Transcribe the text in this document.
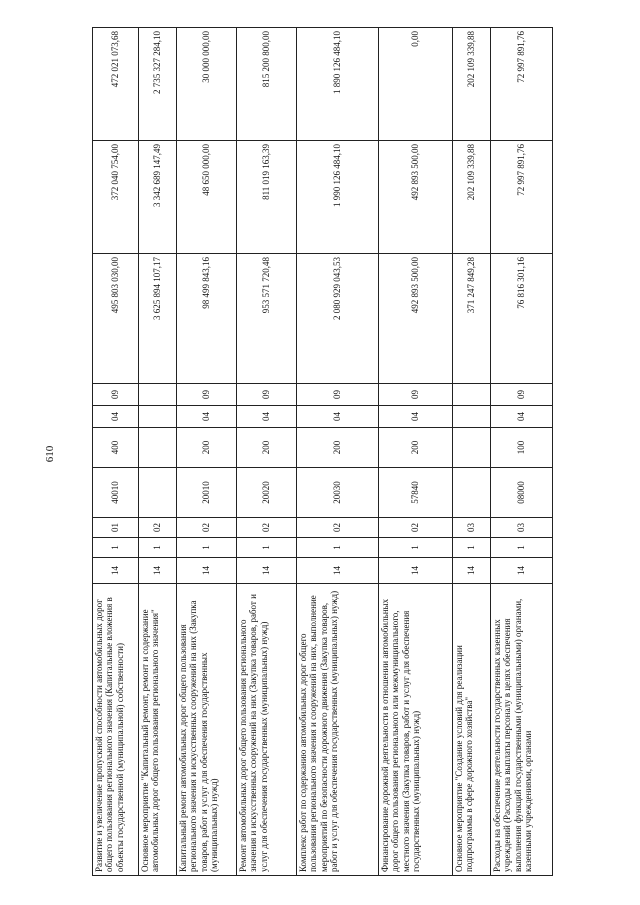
610
Развитие и увеличение пропускной способности автомобильных дорог общего пользования регионального значения (Капитальные вложения в объекты государственной (муниципальной) собственности)	14	1	01	40010	400	04	09	495 803 030,00	372 040 754,00	472 021 073,68
Основное мероприятие "Капитальный ремонт, ремонт и содержание автомобильных дорог общего пользования регионального значения"	14	1	02					3 625 894 107,17	3 342 689 147,49	2 735 327 284,10
Капитальный ремонт автомобильных дорог общего пользования регионального значения и искусственных сооружений на них (Закупка товаров, работ и услуг для обеспечения государственных (муниципальных) нужд)	14	1	02	20010	200	04	09	98 499 843,16	48 650 000,00	30 000 000,00
Ремонт автомобильных дорог общего пользования регионального значения и искусственных сооружений на них (Закупка товаров, работ и услуг для обеспечения государственных (муниципальных) нужд)	14	1	02	20020	200	04	09	953 571 720,48	811 019 163,39	815 200 800,00
Комплекс работ по содержанию автомобильных дорог общего пользования регионального значения и сооружений на них, выполнение мероприятий по безопасности дорожного движения (Закупка товаров, работ и услуг для обеспечения государственных (муниципальных) нужд)	14	1	02	20030	200	04	09	2 080 929 043,53	1 990 126 484,10	1 890 126 484,10
Финансирование дорожной деятельности в отношении автомобильных дорог общего пользования регионального или межмуниципального, местного значения (Закупка товаров, работ и услуг для обеспечения государственных (муниципальных) нужд)	14	1	02	57840	200	04	09	492 893 500,00	492 893 500,00	0,00
Основное мероприятие "Создание условий для реализации подпрограммы в сфере дорожного хозяйства"	14	1	03					371 247 849,28	202 109 339,88	202 109 339,88
Расходы на обеспечение деятельности государственных казенных учреждений (Расходы на выплаты персоналу в целях обеспечения выполнения функций государственными (муниципальными) органами, казенными учреждениями, органами	14	1	03	08000	100	04	09	76 816 301,16	72 997 891,76	72 997 891,76
